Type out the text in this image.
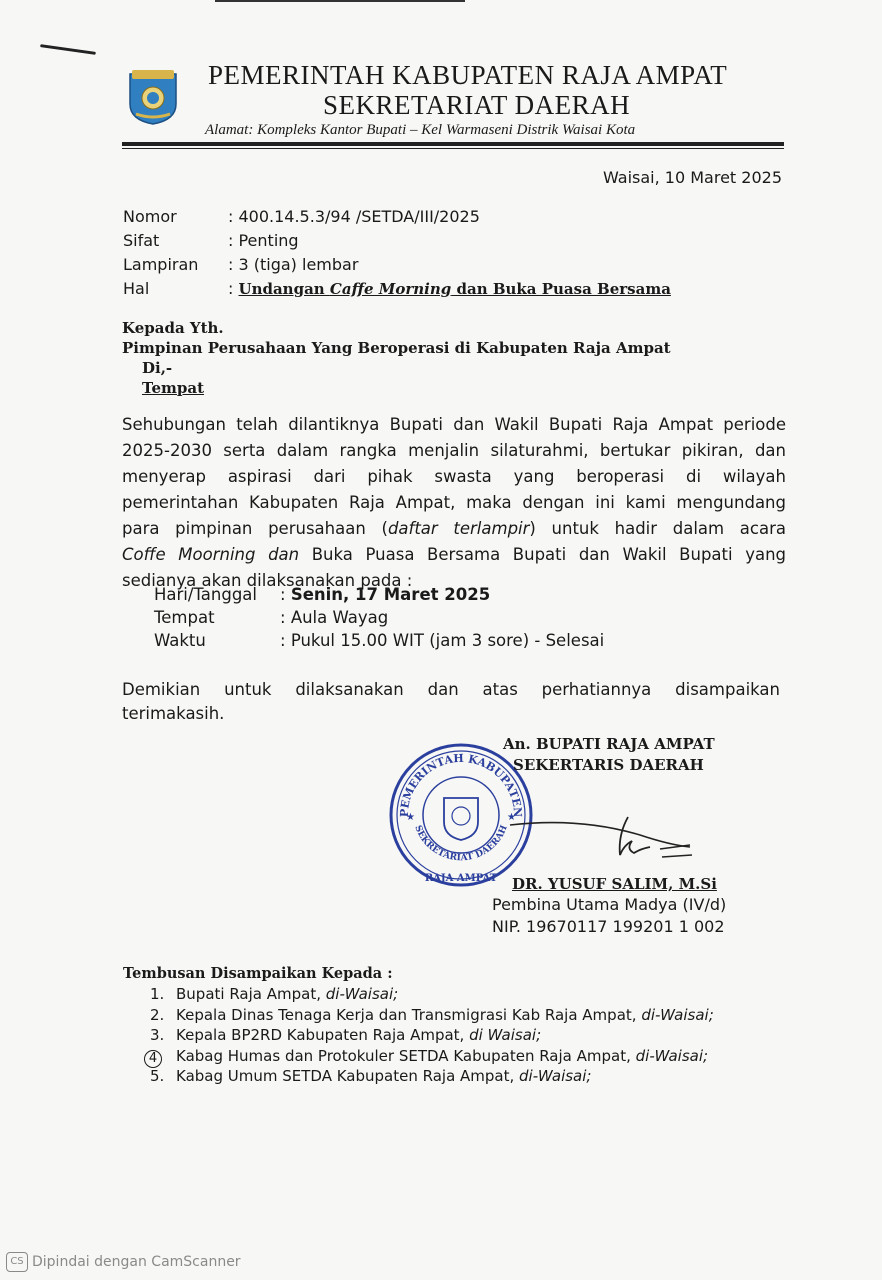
PEMERINTAH KABUPATEN RAJA AMPAT
SEKRETARIAT DAERAH
Alamat: Kompleks Kantor Bupati – Kel Warmaseni Distrik Waisai Kota
Waisai, 10 Maret 2025
Nomor	: 400.14.5.3/94 /SETDA/III/2025
Sifat	: Penting
Lampiran : 3 (tiga) lembar
Hal	: Undangan Caffe Morning dan Buka Puasa Bersama
Kepada Yth.
Pimpinan Perusahaan Yang Beroperasi di Kabupaten Raja Ampat
Di,-
Tempat
Sehubungan telah dilantiknya Bupati dan Wakil Bupati Raja Ampat periode
2025-2030 serta dalam rangka menjalin silaturahmi, bertukar pikiran, dan
menyerap aspirasi dari pihak swasta yang beroperasi di wilayah
pemerintahan Kabupaten Raja Ampat, maka dengan ini kami mengundang
para pimpinan perusahaan (daftar terlampir) untuk hadir dalam acara
Coffe Moorning dan Buka Puasa Bersama Bupati dan Wakil Bupati yang
sedianya akan dilaksanakan pada :
Hari/Tanggal : Senin, 17 Maret 2025
Tempat	: Aula Wayag
Waktu	: Pukul 15.00 WIT (jam 3 sore) - Selesai
Demikian untuk dilaksanakan dan atas perhatiannya disampaikan
terimakasih.
PEMERINTAH KABUPATEN
SEKRETARIAT DAERAH
RAJA AMPAT
★	★
An. BUPATI RAJA AMPAT
SEKERTARIS DAERAH
DR. YUSUF SALIM, M.Si
Pembina Utama Madya (IV/d)
NIP. 19670117 199201 1 002
Tembusan Disampaikan Kepada :
1. Bupati Raja Ampat, di-Waisai;
2. Kepala Dinas Tenaga Kerja dan Transmigrasi Kab Raja Ampat, di-Waisai;
3. Kepala BP2RD Kabupaten Raja Ampat, di Waisai;
4 Kabag Humas dan Protokuler SETDA Kabupaten Raja Ampat, di-Waisai;
5. Kabag Umum SETDA Kabupaten Raja Ampat, di-Waisai;
CS Dipindai dengan CamScanner
